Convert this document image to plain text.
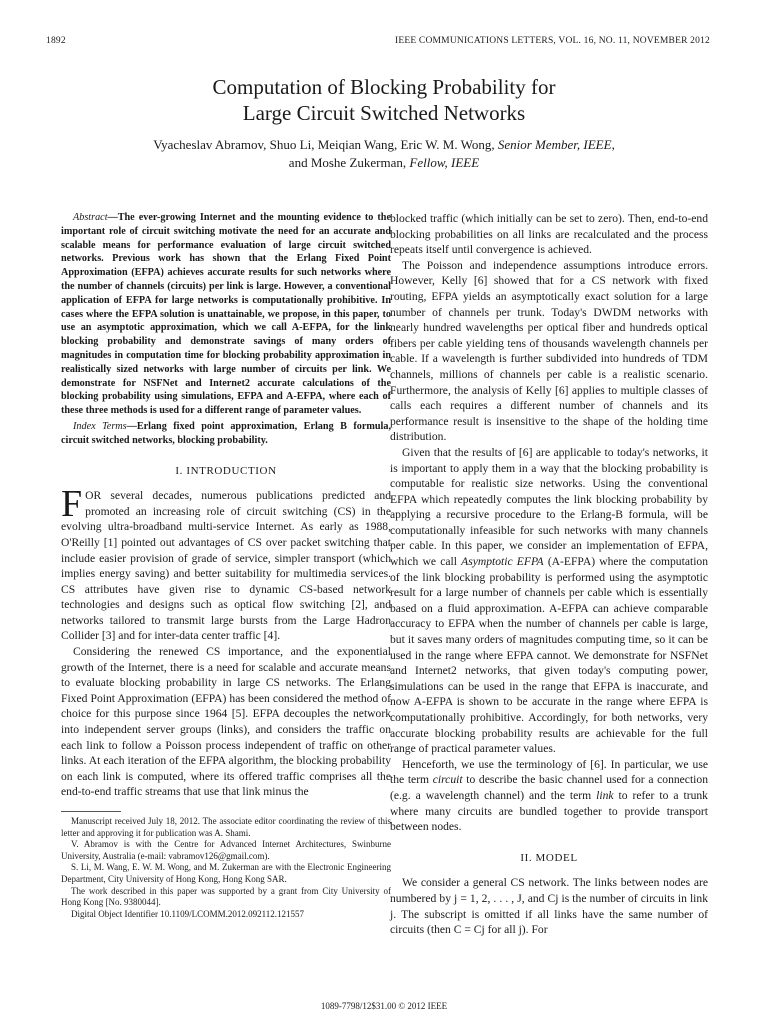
1892	IEEE COMMUNICATIONS LETTERS, VOL. 16, NO. 11, NOVEMBER 2012
Computation of Blocking Probability for
Large Circuit Switched Networks
Vyacheslav Abramov, Shuo Li, Meiqian Wang, Eric W. M. Wong, Senior Member, IEEE,
and Moshe Zukerman, Fellow, IEEE

Abstract—The ever-growing Internet and the mounting evidence to the important role of circuit switching motivate the need for an accurate and scalable means for performance evaluation of large circuit switched networks. Previous work has shown that the Erlang Fixed Point Approximation (EFPA) achieves accurate results for such networks where the number of channels (circuits) per link is large. However, a conventional application of EFPA for large networks is computationally prohibitive. In cases where the EFPA solution is unattainable, we propose, in this paper, to use an asymptotic approximation, which we call A-EFPA, for the link blocking probability and demonstrate savings of many orders of magnitudes in computation time for blocking probability approximation in realistically sized networks with large number of circuits per link. We demonstrate for NSFNet and Internet2 accurate calculations of the blocking probability using simulations, EFPA and A-EFPA, where each of these three methods is used for a different range of parameter values.

Index Terms—Erlang fixed point approximation, Erlang B formula, circuit switched networks, blocking probability.

I. INTRODUCTION

FOR several decades, numerous publications predicted and promoted an increasing role of circuit switching (CS) in the evolving ultra-broadband multi-service Internet. As early as 1988, O'Reilly [1] pointed out advantages of CS over packet switching that include easier provision of grade of service, simpler transport (which implies energy saving) and better suitability for multimedia services. CS attributes have given rise to dynamic CS-based network technologies and designs such as optical flow switching [2], and networks tailored to transmit large bursts from the Large Hadron Collider [3] and for inter-data center traffic [4].

Considering the renewed CS importance, and the exponential growth of the Internet, there is a need for scalable and accurate means to evaluate blocking probability in large CS networks. The Erlang Fixed Point Approximation (EFPA) has been considered the method of choice for this purpose since 1964 [5]. EFPA decouples the network into independent server groups (links), and considers the traffic on each link to follow a Poisson process independent of traffic on other links. At each iteration of the EFPA algorithm, the blocking probability on each link is computed, where its offered traffic comprises all the end-to-end traffic streams that use that link minus the

Manuscript received July 18, 2012. The associate editor coordinating the review of this letter and approving it for publication was A. Shami.

V. Abramov is with the Centre for Advanced Internet Architectures, Swinburne University, Australia (e-mail: vabramov126@gmail.com).

S. Li, M. Wang, E. W. M. Wong, and M. Zukerman are with the Electronic Engineering Department, City University of Hong Kong, Hong Kong SAR.

The work described in this paper was supported by a grant from City University of Hong Kong [No. 9380044].

Digital Object Identifier 10.1109/LCOMM.2012.092112.121557

blocked traffic (which initially can be set to zero). Then, end-to-end blocking probabilities on all links are recalculated and the process repeats itself until convergence is achieved.

The Poisson and independence assumptions introduce errors. However, Kelly [6] showed that for a CS network with fixed routing, EFPA yields an asymptotically exact solution for a large number of channels per trunk. Today's DWDM networks with nearly hundred wavelengths per optical fiber and hundreds optical fibers per cable yielding tens of thousands wavelength channels per cable. If a wavelength is further subdivided into hundreds of TDM channels, millions of channels per cable is a realistic scenario. Furthermore, the analysis of Kelly [6] applies to multiple classes of calls each requires a different number of channels and its performance result is insensitive to the shape of the holding time distribution.

Given that the results of [6] are applicable to today's networks, it is important to apply them in a way that the blocking probability is computable for realistic size networks. Using the conventional EFPA which repeatedly computes the link blocking probability by applying a recursive procedure to the Erlang-B formula, will be computationally infeasible for such networks with many channels per cable. In this paper, we consider an implementation of EFPA, which we call Asymptotic EFPA (A-EFPA) where the computation of the link blocking probability is performed using the asymptotic result for a large number of channels per cable which is essentially based on a fluid approximation. A-EFPA can achieve comparable accuracy to EFPA when the number of channels per cable is large, but it saves many orders of magnitudes computing time, so it can be used in the range where EFPA cannot. We demonstrate for NSFNet and Internet2 networks, that given today's computing power, simulations can be used in the range that EFPA is inaccurate, and now A-EFPA is shown to be accurate in the range where EFPA is computationally prohibitive. Accordingly, for both networks, very accurate blocking probability results are achievable for the full range of practical parameter values.

Henceforth, we use the terminology of [6]. In particular, we use the term circuit to describe the basic channel used for a connection (e.g. a wavelength channel) and the term link to refer to a trunk where many circuits are bundled together to provide transport between nodes.

II. MODEL

We consider a general CS network. The links between nodes are numbered by j = 1, 2, . . . , J, and Cj is the number of circuits in link j. The subscript is omitted if all links have the same number of circuits (then C = Cj for all j). For

1089-7798/12$31.00 © 2012 IEEE
